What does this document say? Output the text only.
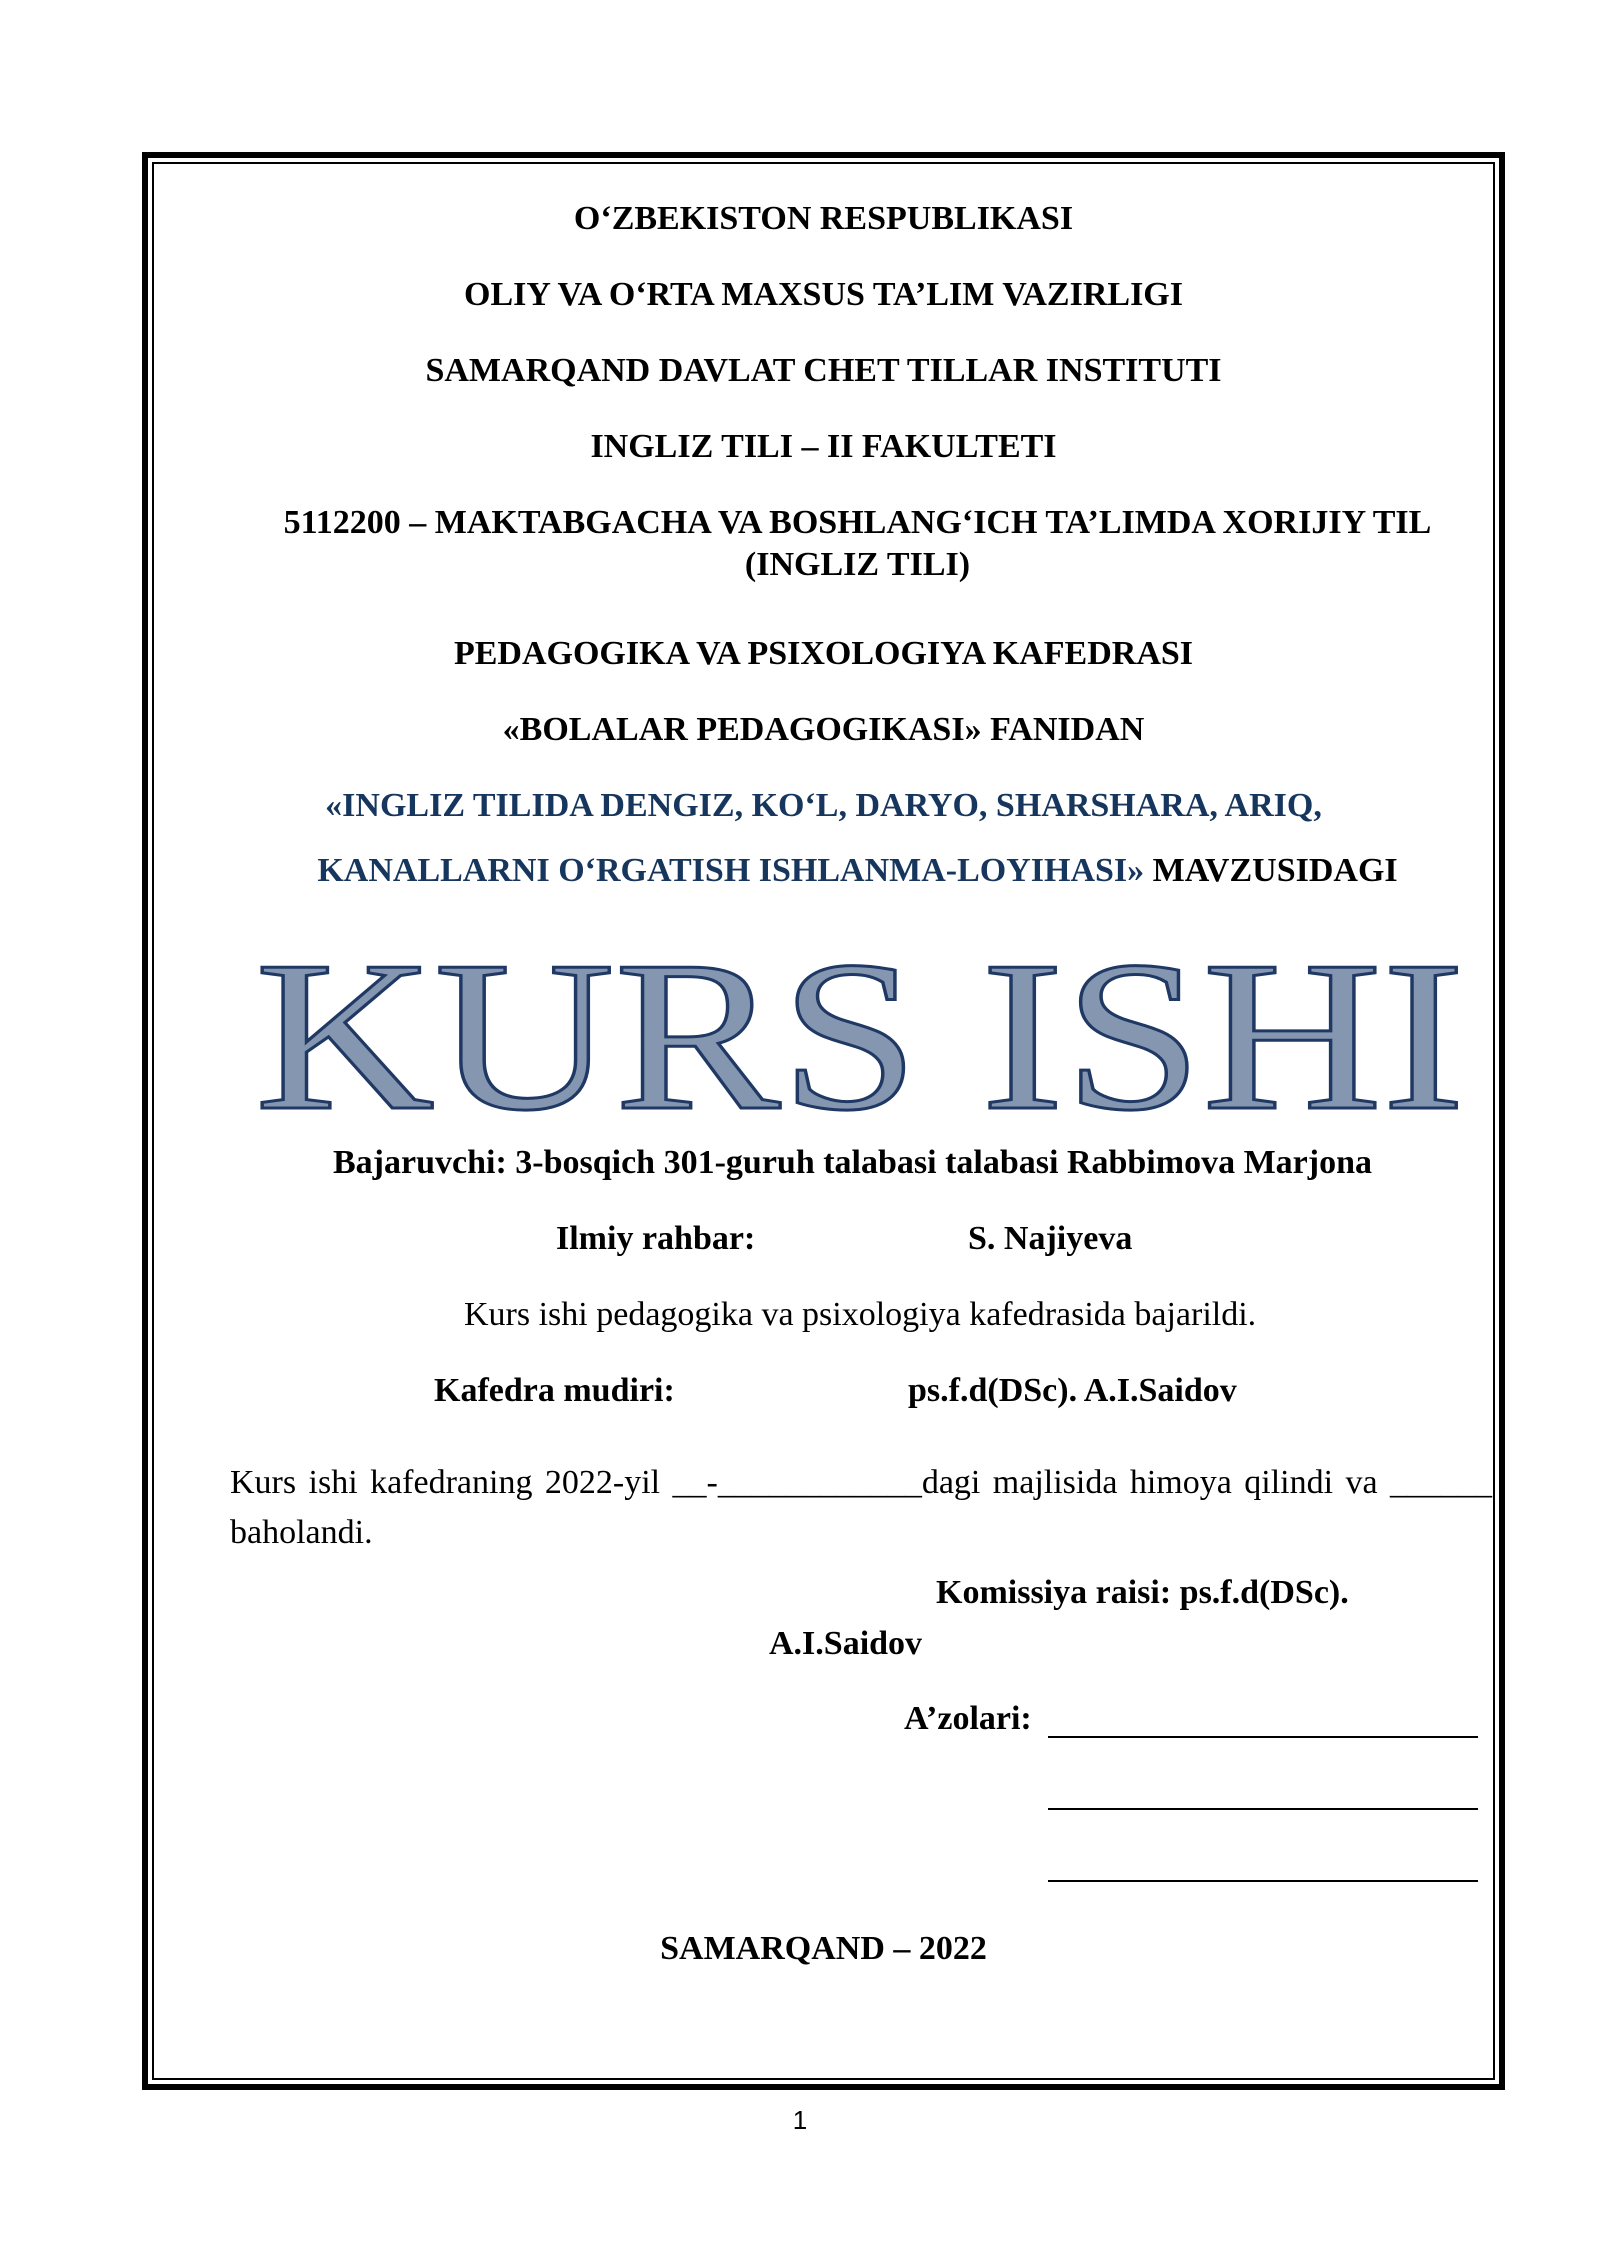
O‘ZBEKISTON RESPUBLIKASI
OLIY VA O‘RTA MAXSUS TA’LIM VAZIRLIGI
SAMARQAND DAVLAT CHET TILLAR INSTITUTI
INGLIZ TILI – II FAKULTETI
5112200 – MAKTABGACHA VA BOSHLANG‘ICH TA’LIMDA XORIJIY TIL (INGLIZ TILI)
PEDAGOGIKA VA PSIXOLOGIYA KAFEDRASI
«BOLALAR PEDAGOGIKASI» FANIDAN
«INGLIZ TILIDA DENGIZ, KO‘L, DARYO, SHARSHARA, ARIQ,
KANALLARNI O‘RGATISH ISHLANMA-LOYIHASI» MAVZUSIDAGI
KURS ISHI
Bajaruvchi: 3-bosqich 301-guruh talabasi talabasi Rabbimova Marjona
Ilmiy rahbar:	S. Najiyeva
Kurs ishi pedagogika va psixologiya kafedrasida bajarildi.
Kafedra mudiri:	ps.f.d(DSc). A.I.Saidov
Kurs ishi kafedraning 2022-yil __-____________dagi majlisida himoya qilindi va ______ baholandi.
Komissiya raisi: ps.f.d(DSc).
A.I.Saidov
A’zolari:
SAMARQAND – 2022
1
